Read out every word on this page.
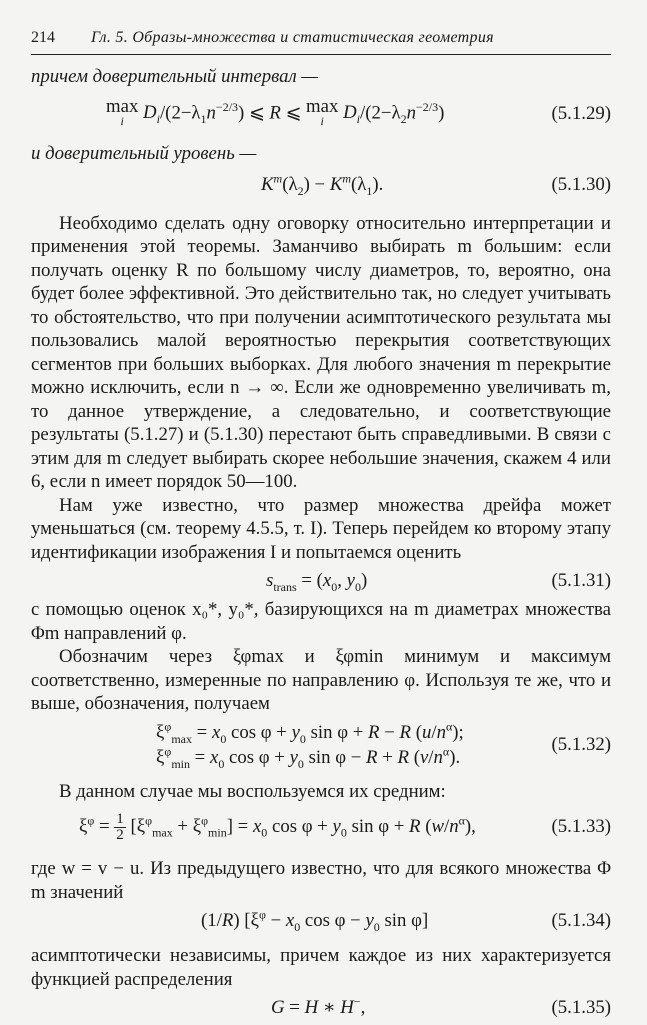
214	Гл. 5. Образы-множества и статистическая геометрия
причем доверительный интервал —
max
i	$D_i/(2-\lambda_1n^{-2/3})$ ⩽ R ⩽ max
i	$D_i/(2-\lambda_2n^{-2/3})$	(5.1.29)
и доверительный уровень —
$K^m(\lambda_2) - K^m(\lambda_1)$.	(5.1.30)

Необходимо сделать одну оговорку относительно интерпретации и применения этой теоремы. Заманчиво выбирать m большим: если получать оценку R по большому числу диаметров, то, вероятно, она будет более эффективной. Это действительно так, но следует учитывать то обстоятельство, что при получении асимптотического результата мы пользовались малой вероятностью перекрытия соответствующих сегментов при больших выборках. Для любого значения m перекрытие можно исключить, если n → ∞. Если же одновременно увеличивать m, то данное утверждение, а следовательно, и соответствующие результаты (5.1.27) и (5.1.30) перестают быть справедливыми. В связи с этим для m следует выбирать скорее небольшие значения, скажем 4 или 6, если n имеет порядок 50—100.

Нам уже известно, что размер множества дрейфа может уменьшаться (см. теорему 4.5.5, т. I). Теперь перейдем ко второму этапу идентификации изображения I и попытаемся оценить

$s_{trans} = (x_0$, $y_0$)	(5.1.31)

с помощью оценок x₀*, y₀*, базирующихся на m диаметрах множества Φm направлений φ.

Обозначим через ξφmax и ξφmin минимум и максимум соответственно, измеренные по направлению φ. Используя те же, что и выше, обозначения, получаем

$\xi^\varphi_{max} = x_0$ $\cos \varphi + y_0$ sin φ + R − R $(u/n^\alpha)$;
$\xi^\varphi_{min} = x_0$ $\cos \varphi + y_0$ sin φ − R + R $(v/n^\alpha)$.
(5.1.32)

В данном случае мы воспользуемся их средним:

$\xi^\varphi = \frac{1}{2} [\xi^\varphi_{max} + \xi^\varphi_{min}] = x_0$ $\cos \varphi + y_0$ sin φ + R $(w/n^\alpha)$,	(5.1.33)

где w = v − u. Из предыдущего известно, что для всякого множества Φ m значений

(1/R) [$\xi^\varphi - x_0$ $\cos \varphi - y_0$ sin φ]	(5.1.34)

асимптотически независимы, причем каждое из них характеризуется функцией распределения

G = H ∗ H−,	(5.1.35)
